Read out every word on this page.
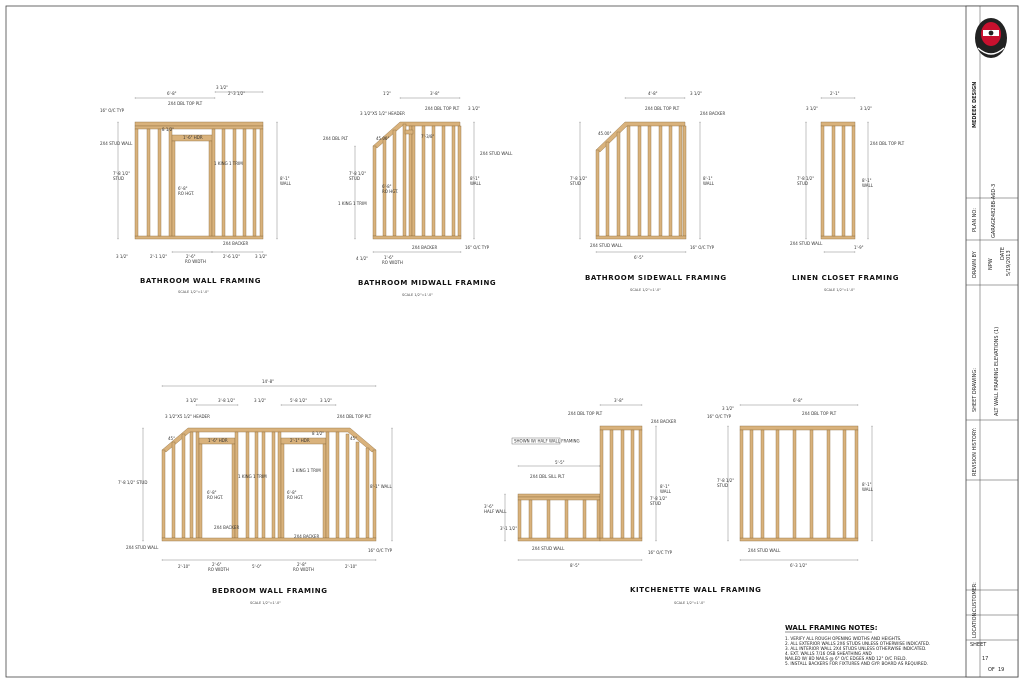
6'-8"
3 1/2"
2'-3 1/2"
8 1/2"
1'-6" HDR
2'-1 1/2"	2'-6"	2'-6 1/2"
3 1/2"	3 1/2"
RO WIDTH
6'-8"
RO HGT.
8'-1"
WALL
7'-8 1/2"
STUD
16" O/C TYP
2X4 DBL TOP PLT
2X4 STUD WALL
1 KING 1 TRIM
2X4 BACKER
BATHROOM WALL FRAMING
SCALE 1/2"=1'-0"
1'2"	3'-8"
3 1/2"
7'-3/8"
4 1/2"	1'-6"
RO WIDTH
6'-8"
RO HGT.
8'-1"
WALL
7'-8 1/2"
STUD
3 1/2"X5 1/2" HEADER
2X4 DBL PLT
2X4 DBL TOP PLT
2X4 STUD WALL
1 KING 1 TRIM
2X4 BACKER	16" O/C TYP
45.00°
BATHROOM MIDWALL FRAMING
SCALE 1/2"=1'-0"
4'-8"	3 1/2"
7'-8 1/2"
STUD
8'-1"
WALL
6'-5"
2X4 DBL TOP PLT
2X4 BACKER
45.00°
2X4 STUD WALL	16" O/C TYP
BATHROOM SIDEWALL FRAMING
SCALE 1/2"=1'-0"
2'-1"
3 1/2"	3 1/2"
7'-8 1/2"
STUD
8'-1"
WALL
1'-9"
2X4 DBL TOP PLT
2X4 STUD WALL
LINEN CLOSET FRAMING
SCALE 1/2"=1'-0"
14'-8"
3 1/2"	3'-8 1/2"	3 1/2"	5'-8 1/2"	3 1/2"
1'-6" HDR	2'-1" HDR
8 1/2"
2'-10"	2'-6"	5'-0"	2'-8"	2'-10"
RO WIDTH	RO WIDTH
6'-8"
RO HGT.
6'-8"
RO HGT.
7'-8 1/2" STUD
8'-1" WALL
3 1/2"X5 1/2" HEADER	2X4 DBL TOP PLT
45°	45°
1 KING 1 TRIM
1 KING 1 TRIM
2X4 BACKER
2X4 BACKER
2X4 STUD WALL
16" O/C TYP
BEDROOM WALL FRAMING
SCALE 1/2"=1'-0"
3'-8"
5'-5"
3'-6"
HALF WALL
3'-1 1/2"
7'-8 1/2"
STUD
8'-1"
WALL
8'-5"
6'-8"
3 1/2"
6'-3 1/2"
7'-8 1/2"
STUD	8'-1"
WALL
2X4 DBL TOP PLT
2X4 BACKER
SHOWN W/ HALF WALL FRAMING
2X4 DBL SILL PLT
2X4 STUD WALL
16" O/C TYP
2X4 DBL TOP PLT
16" O/C TYP
2X4 STUD WALL
KITCHENETTE WALL FRAMING
SCALE 1/2"=1'-0"
WALL FRAMING NOTES:
1. VERIFY ALL ROUGH OPENING WIDTHS AND HEIGHTS.
2. ALL EXTERIOR WALLS 2X6 STUDS UNLESS OTHERWISE INDICATED.
3. ALL INTERIOR WALL 2X4 STUDS UNLESS OTHERWISE INDICATED.
4. EXT. WALLS 7/16 OSB SHEATHING AND
NAILED W/ 8D NAILS @ 6" O/C EDGES AND 12" O/C FIELD.
5. INSTALL BACKERS FOR FIXTURES AND GYP. BOARD AS REQUIRED.
MEDEEK DESIGN
PLAN NO:	GARAGE4828B-A6D-3
DRAWN BY NPW
DATE 5/19/2013
SHEET DRAWING:	ALT WALL FRAMING ELEVATIONS (1)
REVISION HISTORY:
CUSTOMER:
LOCATION:
SHEET
17
OF 19
